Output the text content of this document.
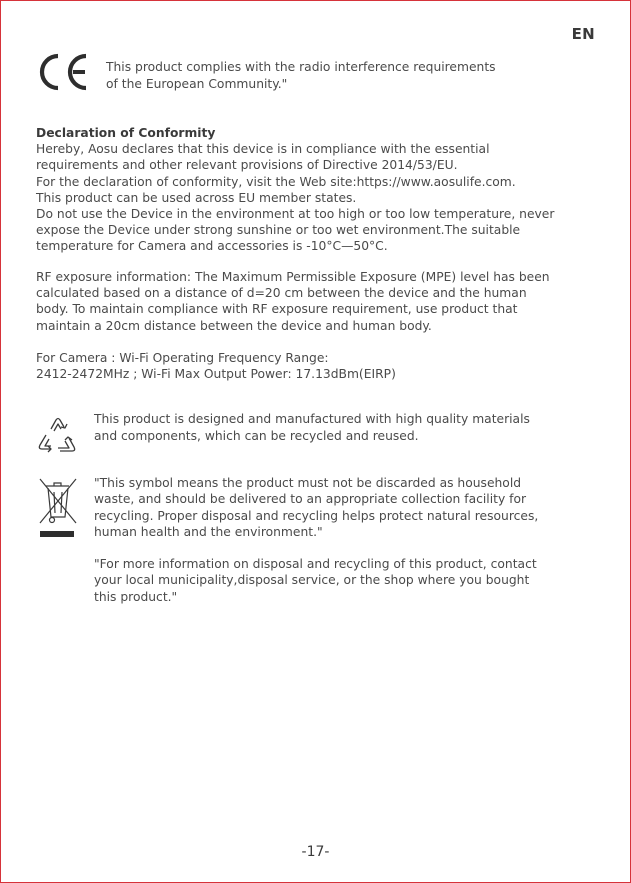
EN
This product complies with the radio interference requirements
of the European Community."

Declaration of Conformity

Hereby, Aosu declares that this device is in compliance with the essential
requirements and other relevant provisions of Directive 2014/53/EU.
For the declaration of conformity, visit the Web site:https://www.aosulife.com.
This product can be used across EU member states.
Do not use the Device in the environment at too high or too low temperature, never
expose the Device under strong sunshine or too wet environment.The suitable
temperature for Camera and accessories is -10°C—50°C.

RF exposure information: The Maximum Permissible Exposure (MPE) level has been
calculated based on a distance of d=20 cm between the device and the human
body. To maintain compliance with RF exposure requirement, use product that
maintain a 20cm distance between the device and human body.

For Camera : Wi-Fi Operating Frequency Range:
2412-2472MHz ; Wi-Fi Max Output Power: 17.13dBm(EIRP)

This product is designed and manufactured with high quality materials
and components, which can be recycled and reused.
"This symbol means the product must not be discarded as household
waste, and should be delivered to an appropriate collection facility for
recycling. Proper disposal and recycling helps protect natural resources,
human health and the environment."
"For more information on disposal and recycling of this product, contact
your local municipality,disposal service, or the shop where you bought
this product."
-17-
